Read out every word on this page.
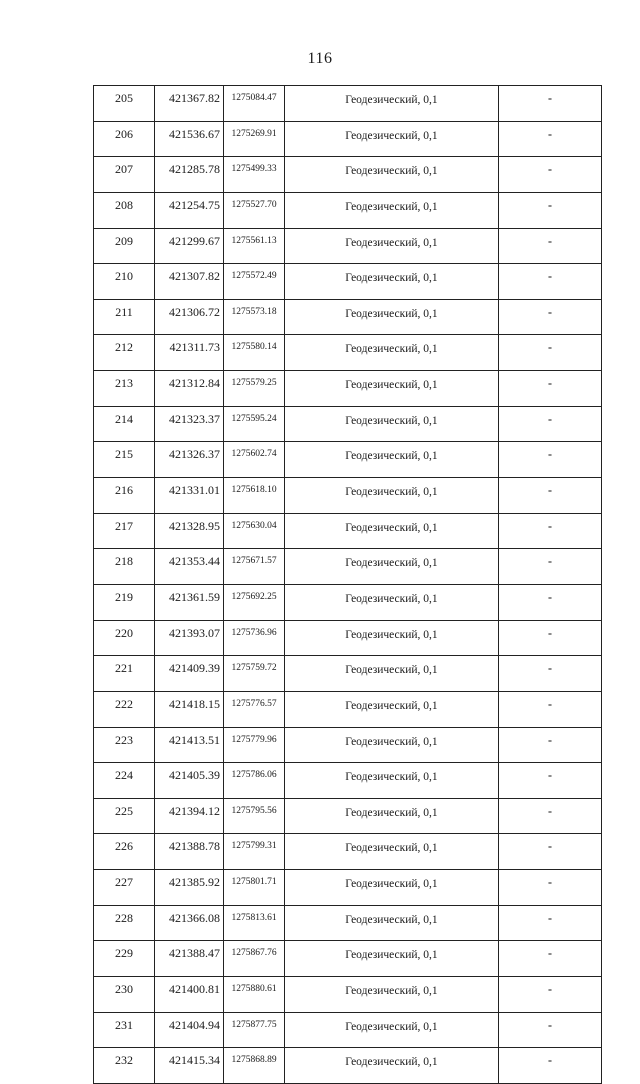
116
205	421367.82	1275084.47	Геодезический, 0,1	-
206	421536.67	1275269.91	Геодезический, 0,1	-
207	421285.78	1275499.33	Геодезический, 0,1	-
208	421254.75	1275527.70	Геодезический, 0,1	-
209	421299.67	1275561.13	Геодезический, 0,1	-
210	421307.82	1275572.49	Геодезический, 0,1	-
211	421306.72	1275573.18	Геодезический, 0,1	-
212	421311.73	1275580.14	Геодезический, 0,1	-
213	421312.84	1275579.25	Геодезический, 0,1	-
214	421323.37	1275595.24	Геодезический, 0,1	-
215	421326.37	1275602.74	Геодезический, 0,1	-
216	421331.01	1275618.10	Геодезический, 0,1	-
217	421328.95	1275630.04	Геодезический, 0,1	-
218	421353.44	1275671.57	Геодезический, 0,1	-
219	421361.59	1275692.25	Геодезический, 0,1	-
220	421393.07	1275736.96	Геодезический, 0,1	-
221	421409.39	1275759.72	Геодезический, 0,1	-
222	421418.15	1275776.57	Геодезический, 0,1	-
223	421413.51	1275779.96	Геодезический, 0,1	-
224	421405.39	1275786.06	Геодезический, 0,1	-
225	421394.12	1275795.56	Геодезический, 0,1	-
226	421388.78	1275799.31	Геодезический, 0,1	-
227	421385.92	1275801.71	Геодезический, 0,1	-
228	421366.08	1275813.61	Геодезический, 0,1	-
229	421388.47	1275867.76	Геодезический, 0,1	-
230	421400.81	1275880.61	Геодезический, 0,1	-
231	421404.94	1275877.75	Геодезический, 0,1	-
232	421415.34	1275868.89	Геодезический, 0,1	-
